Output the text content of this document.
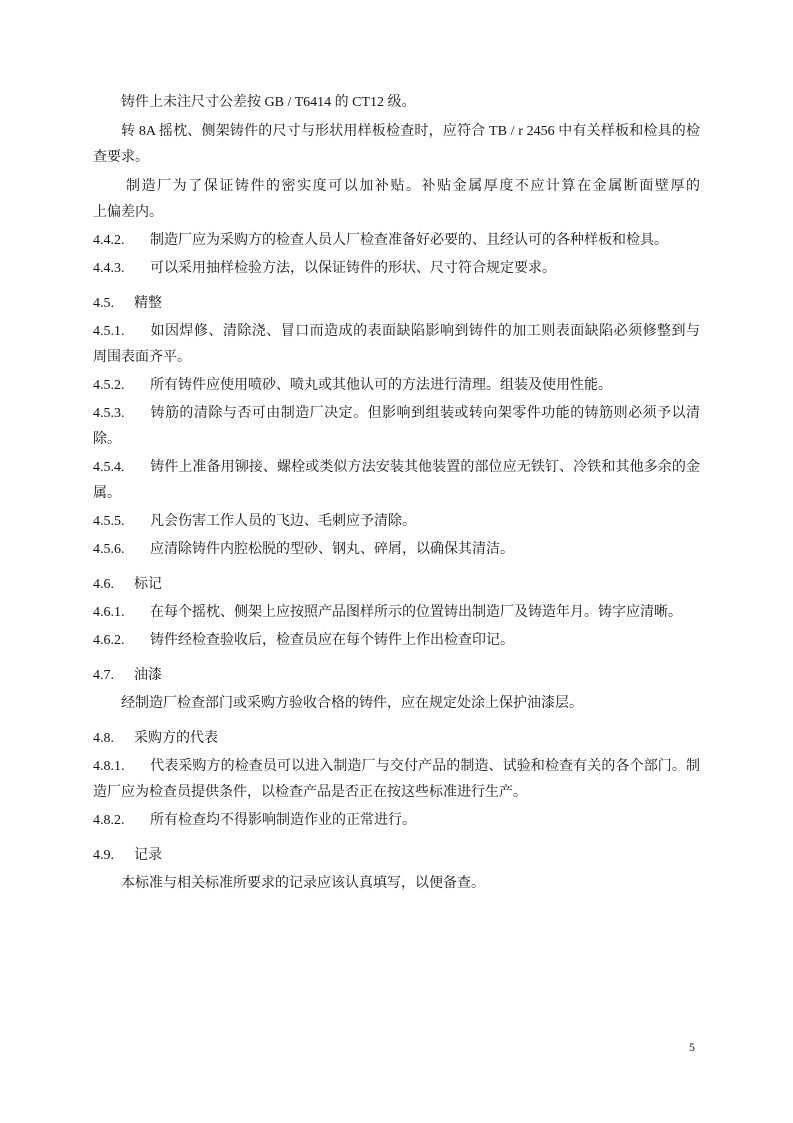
铸件上未注尺寸公差按 GB / T6414 的 CT12 级。
转 8A 摇枕、侧架铸件的尺寸与形状用样板检查时，应符合 TB / r 2456 中有关样板和检具的检
查要求。
制造厂为了保证铸件的密实度可以加补贴。补贴金属厚度不应计算在金属断面壁厚的
上偏差内。
4.4.2. 制造厂应为采购方的检查人员人厂检查准备好必要的、且经认可的各种样板和检具。
4.4.3. 可以采用抽样检验方法，以保证铸件的形状、尺寸符合规定要求。
4.5. 精整
4.5.1. 如因焊修、清除浇、冒口而造成的表面缺陷影响到铸件的加工则表面缺陷必须修整到与
周围表面齐平。
4.5.2. 所有铸件应使用喷砂、喷丸或其他认可的方法进行清理。组装及使用性能。
4.5.3. 铸筋的清除与否可由制造厂决定。但影响到组装或转向架零件功能的铸筋则必须予以清
除。
4.5.4. 铸件上准备用铆接、螺栓或类似方法安装其他装置的部位应无铁钉、冷铁和其他多余的金
属。
4.5.5. 凡会伤害工作人员的飞边、毛刺应予清除。
4.5.6. 应清除铸件内腔松脱的型砂、钢丸、碎屑，以确保其清洁。
4.6. 标记
4.6.1. 在每个摇枕、侧架上应按照产品图样所示的位置铸出制造厂及铸造年月。铸字应清晰。
4.6.2. 铸件经检查验收后，检查员应在每个铸件上作出检查印记。
4.7. 油漆
经制造厂检查部门或采购方验收合格的铸件，应在规定处涂上保护油漆层。
4.8. 采购方的代表
4.8.1. 代表采购方的检查员可以进入制造厂与交付产品的制造、试验和检查有关的各个部门。制
造厂应为检查员提供条件，以检查产品是否正在按这些标准进行生产。
4.8.2. 所有检查均不得影响制造作业的正常进行。
4.9. 记录
本标准与相关标准所要求的记录应该认真填写，以便备查。
5
